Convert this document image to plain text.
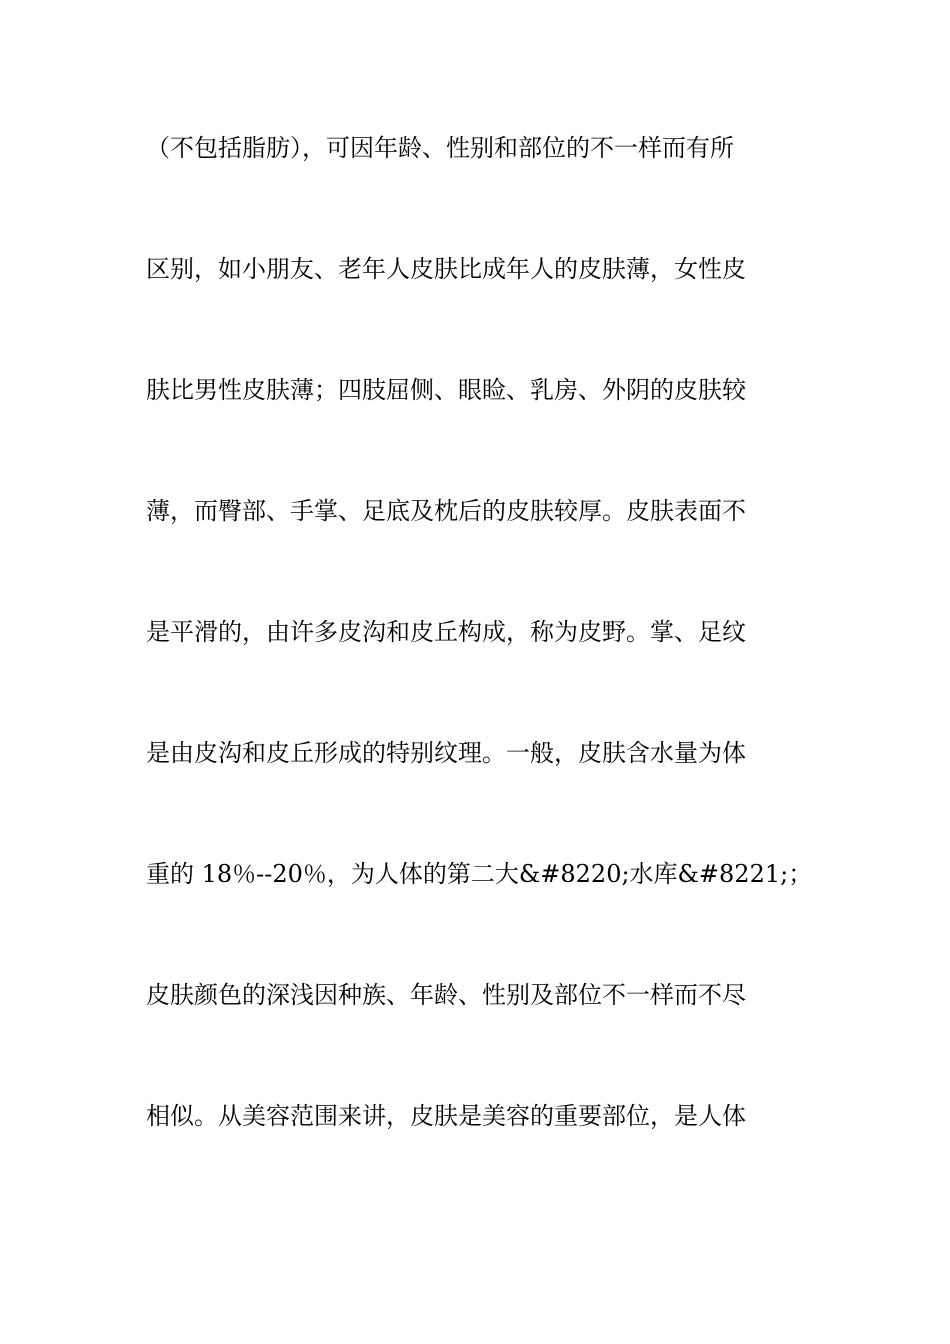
（不包括脂肪），可因年龄、性别和部位的不一样而有所
区别，如小朋友、老年人皮肤比成年人的皮肤薄，女性皮
肤比男性皮肤薄；四肢屈侧、眼睑、乳房、外阴的皮肤较
薄，而臀部、手掌、足底及枕后的皮肤较厚。皮肤表面不
是平滑的，由许多皮沟和皮丘构成，称为皮野。掌、足纹
是由皮沟和皮丘形成的特别纹理。一般，皮肤含水量为体
重的 18％--20％，为人体的第二大&#8220;水库&#8221;；
皮肤颜色的深浅因种族、年龄、性别及部位不一样而不尽
相似。从美容范围来讲，皮肤是美容的重要部位，是人体
